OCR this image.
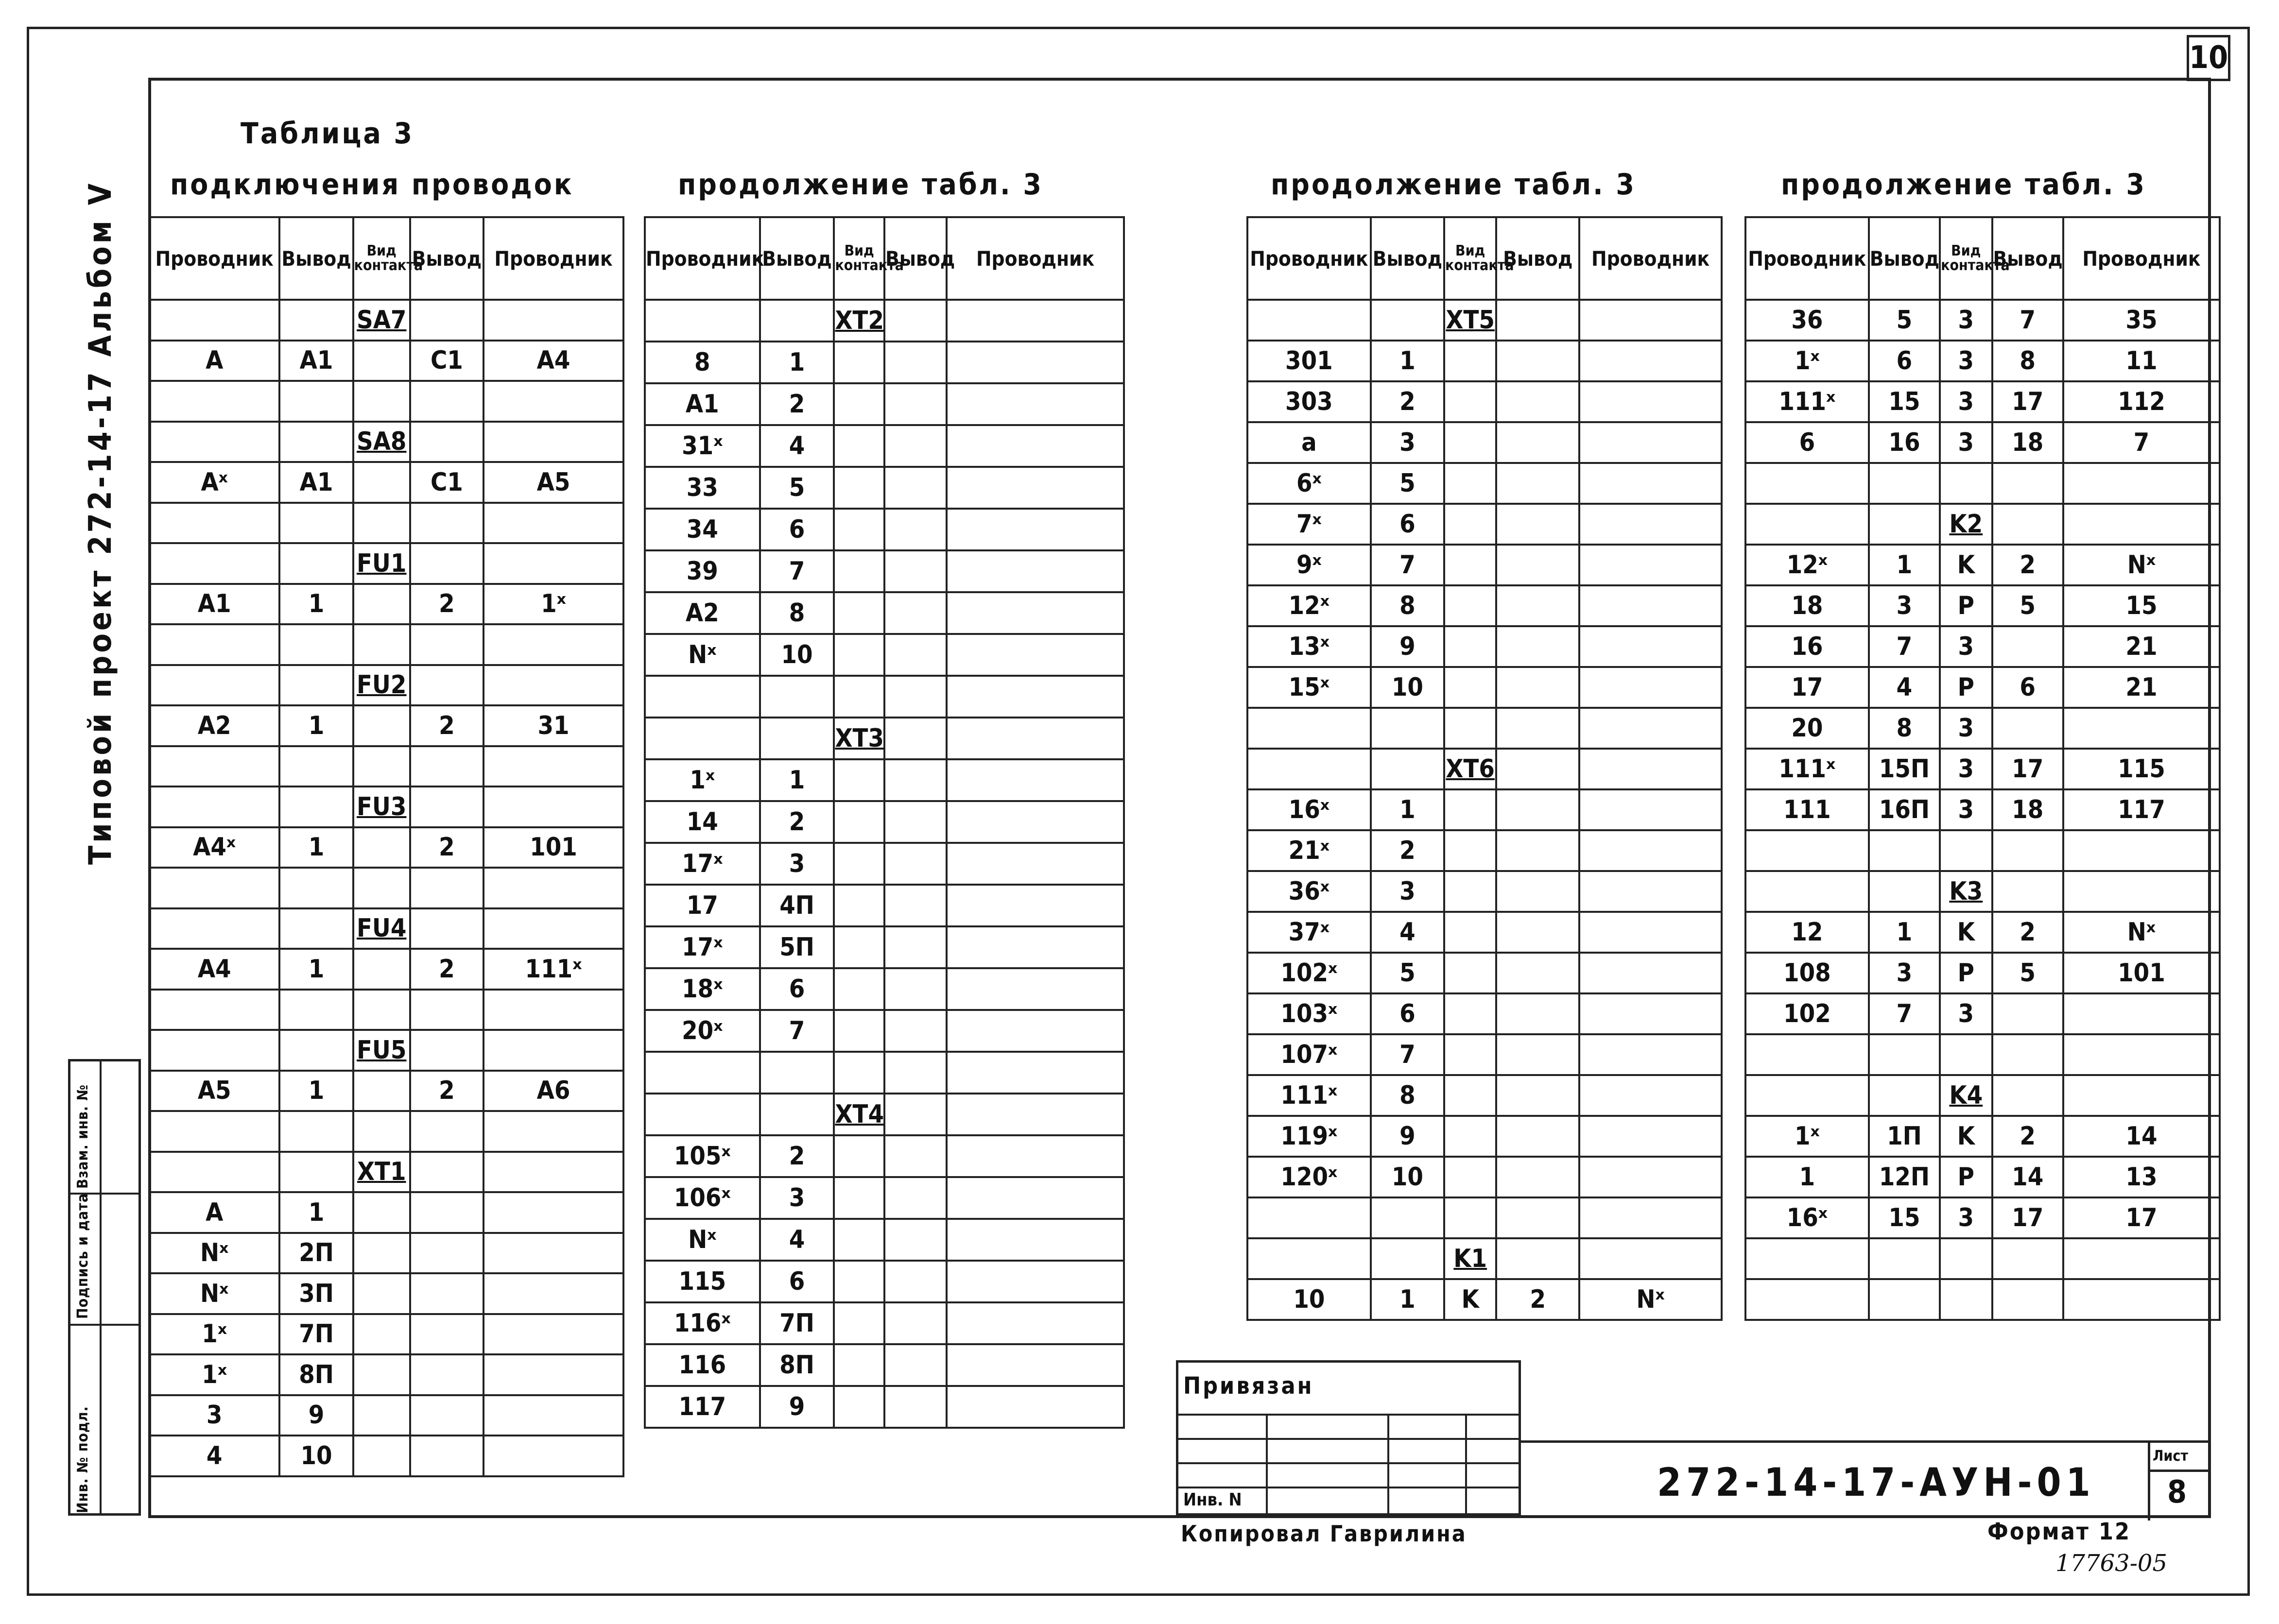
10
Типовой проект 272-14-17 Альбом V
Инв. № подл.
Подпись и дата
Взам. инв. №
Таблица 3
подключения проводок	продолжение табл. 3	продолжение табл. 3	продолжение табл. 3
Проводник	Вывод	Вид контакта	Вывод	Проводник
		SA7		
A	A1		C1	A4

		SA8		
Aˣ	A1		C1	A5

		FU1		
A1	1		2	1ˣ

		FU2		
A2	1		2	31

		FU3		
A4ˣ	1		2	101

		FU4		
A4	1		2	111ˣ

		FU5		
A5	1		2	A6

		XT1		
A	1			
Nˣ	2П			
Nˣ	3П			
1ˣ	7П			
1ˣ	8П			
3	9			
4	10			
Проводник	Вывод	Вид контакта	Вывод	Проводник
		XT2		
8	1			
A1	2			
31ˣ	4			
33	5			
34	6			
39	7			
A2	8			
Nˣ	10			

		XT3		
1ˣ	1			
14	2			
17ˣ	3			
17	4П			
17ˣ	5П			
18ˣ	6			
20ˣ	7			

		XT4		
105ˣ	2			
106ˣ	3			
Nˣ	4			
115	6			
116ˣ	7П			
116	8П			
117	9			
Проводник	Вывод	Вид контакта	Вывод	Проводник
		XT5		
301	1			
303	2			
a	3			
6ˣ	5			
7ˣ	6			
9ˣ	7			
12ˣ	8			
13ˣ	9			
15ˣ	10			

		XT6		
16ˣ	1			
21ˣ	2			
36ˣ	3			
37ˣ	4			
102ˣ	5			
103ˣ	6			
107ˣ	7			
111ˣ	8			
119ˣ	9			
120ˣ	10			

		K1		
10	1	K	2	Nˣ
Проводник	Вывод	Вид контакта	Вывод	Проводник
36	5	3	7	35
1ˣ	6	3	8	11
111ˣ	15	3	17	112
6	16	3	18	7

		K2		
12ˣ	1	K	2	Nˣ
18	3	P	5	15
16	7	3		21
17	4	P	6	21
20	8	3		
111ˣ	15П	3	17	115
111	16П	3	18	117

		K3		
12	1	K	2	Nˣ
108	3	P	5	101
102	7	3		

		K4		
1ˣ	1П	K	2	14
1	12П	P	14	13
16ˣ	15	3	17	17

Привязан
Инв. N	272-14-17-АУН-01
Лист
8
Копировал Гаврилина	Формат 12
17763-05
